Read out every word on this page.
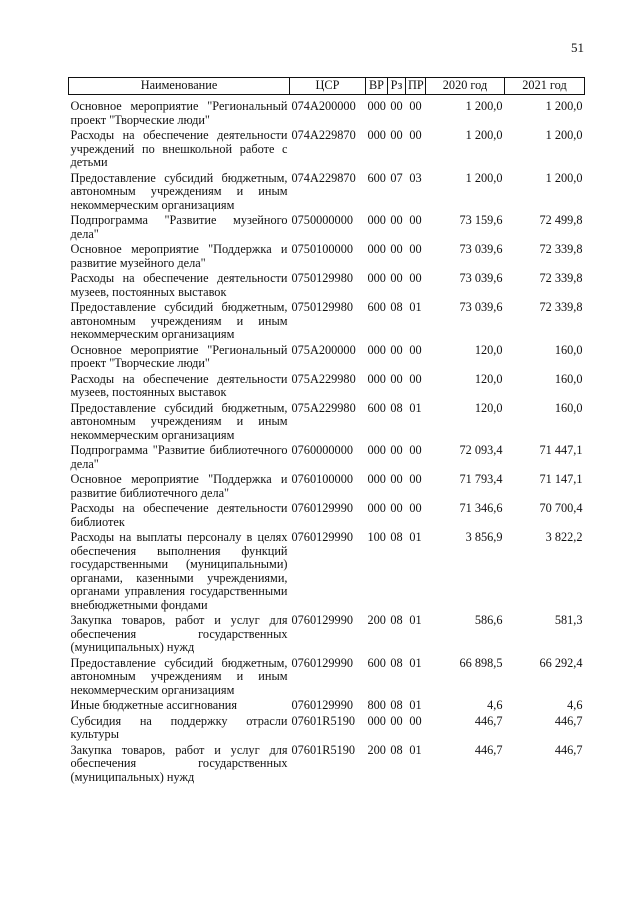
51
Наименование	ЦСР	ВР	Рз	ПР	2020 год	2021 год
Основное мероприятие "Региональный проект "Творческие люди"	074А200000	000	00	00	1 200,0	1 200,0
Расходы на обеспечение деятельности учреждений по внешкольной работе с детьми	074А229870	000	00	00	1 200,0	1 200,0
Предоставление субсидий бюджетным, автономным учреждениям и иным некоммерческим организациям	074А229870	600	07	03	1 200,0	1 200,0
Подпрограмма "Развитие музейного дела"	0750000000	000	00	00	73 159,6	72 499,8
Основное мероприятие "Поддержка и развитие музейного дела"	0750100000	000	00	00	73 039,6	72 339,8
Расходы на обеспечение деятельности музеев, постоянных выставок	0750129980	000	00	00	73 039,6	72 339,8
Предоставление субсидий бюджетным, автономным учреждениям и иным некоммерческим организациям	0750129980	600	08	01	73 039,6	72 339,8
Основное мероприятие "Региональный проект "Творческие люди"	075А200000	000	00	00	120,0	160,0
Расходы на обеспечение деятельности музеев, постоянных выставок	075А229980	000	00	00	120,0	160,0
Предоставление субсидий бюджетным, автономным учреждениям и иным некоммерческим организациям	075А229980	600	08	01	120,0	160,0
Подпрограмма "Развитие библиотечного дела"	0760000000	000	00	00	72 093,4	71 447,1
Основное мероприятие "Поддержка и развитие библиотечного дела"	0760100000	000	00	00	71 793,4	71 147,1
Расходы на обеспечение деятельности библиотек	0760129990	000	00	00	71 346,6	70 700,4
Расходы на выплаты персоналу в целях обеспечения выполнения функций государственными (муниципальными) органами, казенными учреждениями, органами управления государственными внебюджетными фондами	0760129990	100	08	01	3 856,9	3 822,2
Закупка товаров, работ и услуг для обеспечения государственных (муниципальных) нужд	0760129990	200	08	01	586,6	581,3
Предоставление субсидий бюджетным, автономным учреждениям и иным некоммерческим организациям	0760129990	600	08	01	66 898,5	66 292,4
Иные бюджетные ассигнования	0760129990	800	08	01	4,6	4,6
Субсидия на поддержку отрасли культуры	07601R5190	000	00	00	446,7	446,7
Закупка товаров, работ и услуг для обеспечения государственных (муниципальных) нужд	07601R5190	200	08	01	446,7	446,7
